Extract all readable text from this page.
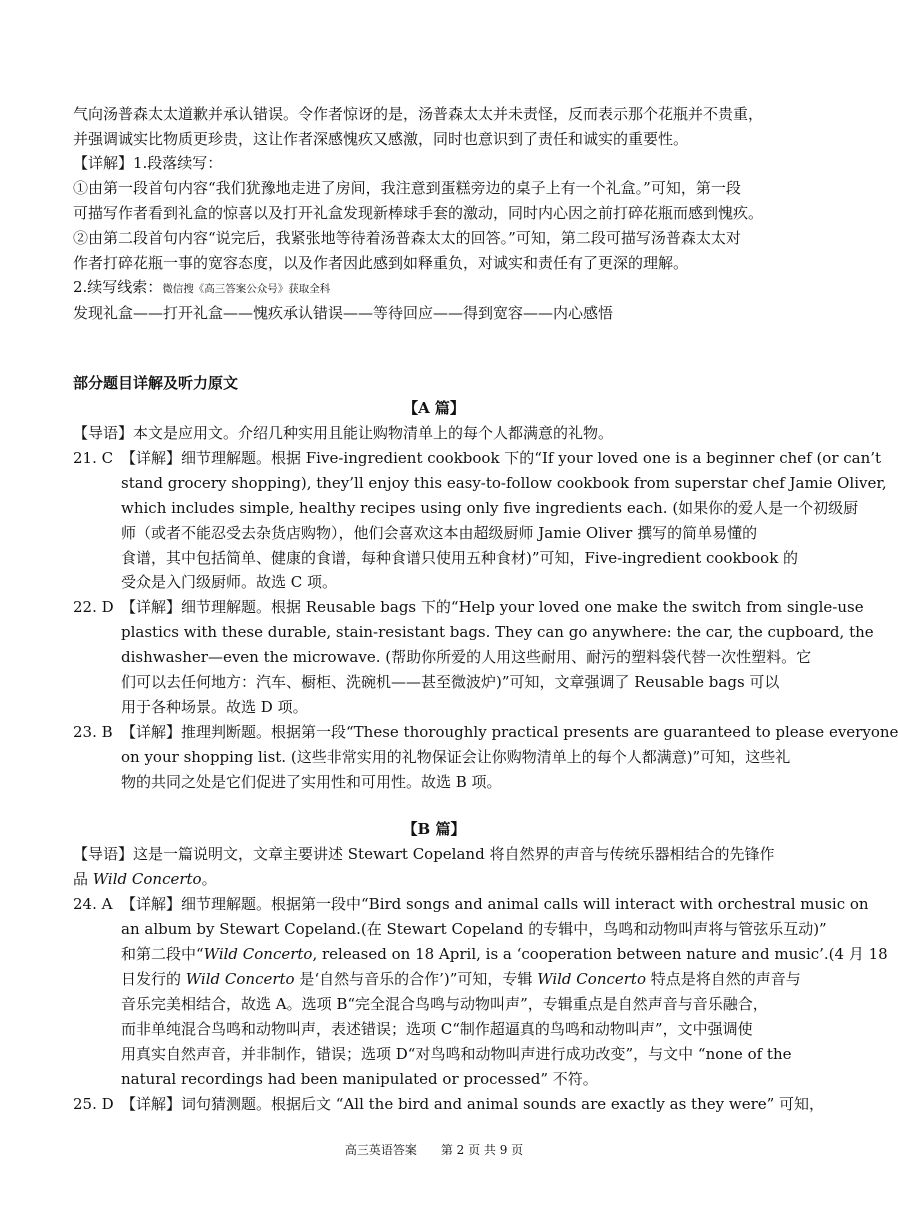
气向汤普森太太道歉并承认错误。令作者惊讶的是，汤普森太太并未责怪，反而表示那个花瓶并不贵重，
并强调诚实比物质更珍贵，这让作者深感愧疚又感激，同时也意识到了责任和诚实的重要性。
【详解】1.段落续写：
①由第一段首句内容“我们犹豫地走进了房间，我注意到蛋糕旁边的桌子上有一个礼盒。”可知，第一段
可描写作者看到礼盒的惊喜以及打开礼盒发现新棒球手套的激动，同时内心因之前打碎花瓶而感到愧疚。
②由第二段首句内容“说完后，我紧张地等待着汤普森太太的回答。”可知，第二段可描写汤普森太太对
作者打碎花瓶一事的宽容态度，以及作者因此感到如释重负，对诚实和责任有了更深的理解。
2.续写线索：微信搜《高三答案公众号》获取全科
发现礼盒——打开礼盒——愧疚承认错误——等待回应——得到宽容——内心感悟
部分题目详解及听力原文
【A 篇】
【导语】本文是应用文。介绍几种实用且能让购物清单上的每个人都满意的礼物。
21. C 【详解】细节理解题。根据 Five-ingredient cookbook 下的“If your loved one is a beginner chef (or can’t
stand grocery shopping), they’ll enjoy this easy-to-follow cookbook from superstar chef Jamie Oliver,
which includes simple, healthy recipes using only five ingredients each. (如果你的爱人是一个初级厨
师（或者不能忍受去杂货店购物），他们会喜欢这本由超级厨师 Jamie Oliver 撰写的简单易懂的
食谱，其中包括简单、健康的食谱，每种食谱只使用五种食材)”可知，Five-ingredient cookbook 的
受众是入门级厨师。故选 C 项。
22. D 【详解】细节理解题。根据 Reusable bags 下的“Help your loved one make the switch from single-use
plastics with these durable, stain-resistant bags. They can go anywhere: the car, the cupboard, the
dishwasher—even the microwave. (帮助你所爱的人用这些耐用、耐污的塑料袋代替一次性塑料。它
们可以去任何地方：汽车、橱柜、洗碗机——甚至微波炉)”可知，文章强调了 Reusable bags 可以
用于各种场景。故选 D 项。
23. B 【详解】推理判断题。根据第一段“These thoroughly practical presents are guaranteed to please everyone
on your shopping list. (这些非常实用的礼物保证会让你购物清单上的每个人都满意)”可知，这些礼
物的共同之处是它们促进了实用性和可用性。故选 B 项。
【B 篇】
【导语】这是一篇说明文，文章主要讲述 Stewart Copeland 将自然界的声音与传统乐器相结合的先锋作
品 Wild Concerto。
24. A 【详解】细节理解题。根据第一段中“Bird songs and animal calls will interact with orchestral music on
an album by Stewart Copeland.(在 Stewart Copeland 的专辑中，鸟鸣和动物叫声将与管弦乐互动)”
和第二段中“Wild Concerto, released on 18 April, is a ‘cooperation between nature and music’.(4 月 18
日发行的 Wild Concerto 是‘自然与音乐的合作’)”可知，专辑 Wild Concerto 特点是将自然的声音与
音乐完美相结合，故选 A。选项 B“完全混合鸟鸣与动物叫声”，专辑重点是自然声音与音乐融合，
而非单纯混合鸟鸣和动物叫声，表述错误；选项 C“制作超逼真的鸟鸣和动物叫声”，文中强调使
用真实自然声音，并非制作，错误；选项 D“对鸟鸣和动物叫声进行成功改变”，与文中 “none of the
natural recordings had been manipulated or processed” 不符。
25. D 【详解】词句猜测题。根据后文 “All the bird and animal sounds are exactly as they were” 可知，
高三英语答案　　第 2 页 共 9 页
